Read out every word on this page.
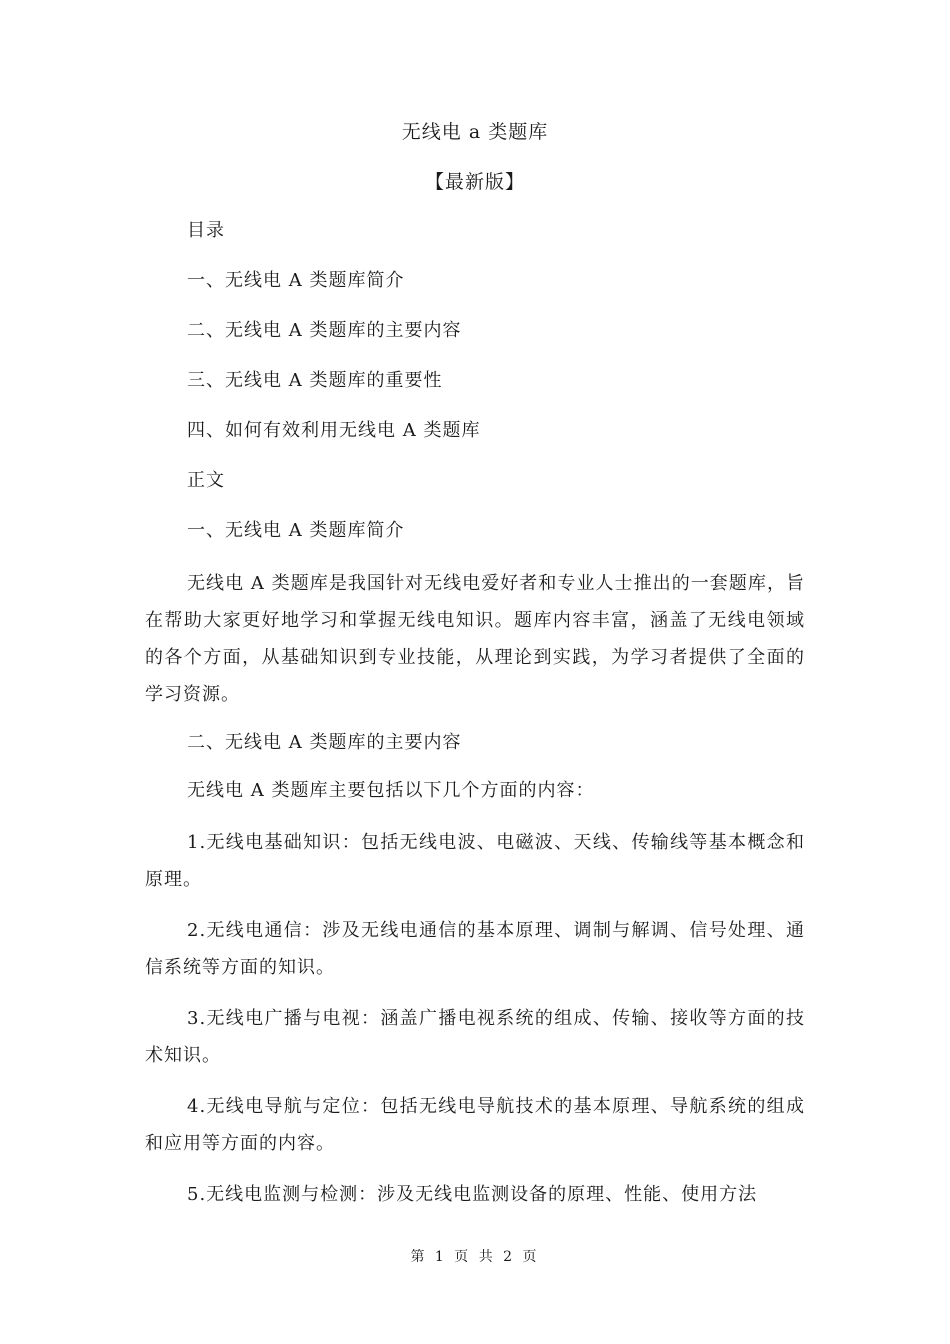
无线电 a 类题库
【最新版】

目录

一、无线电 A 类题库简介

二、无线电 A 类题库的主要内容

三、无线电 A 类题库的重要性

四、如何有效利用无线电 A 类题库

正文

一、无线电 A 类题库简介

无线电 A 类题库是我国针对无线电爱好者和专业人士推出的一套题库，旨在帮助大家更好地学习和掌握无线电知识。题库内容丰富，涵盖了无线电领域的各个方面，从基础知识到专业技能，从理论到实践，为学习者提供了全面的学习资源。

二、无线电 A 类题库的主要内容

无线电 A 类题库主要包括以下几个方面的内容：

1.无线电基础知识：包括无线电波、电磁波、天线、传输线等基本概念和原理。

2.无线电通信：涉及无线电通信的基本原理、调制与解调、信号处理、通信系统等方面的知识。

3.无线电广播与电视：涵盖广播电视系统的组成、传输、接收等方面的技术知识。

4.无线电导航与定位：包括无线电导航技术的基本原理、导航系统的组成和应用等方面的内容。

5.无线电监测与检测：涉及无线电监测设备的原理、性能、使用方法

第 1 页 共 2 页
